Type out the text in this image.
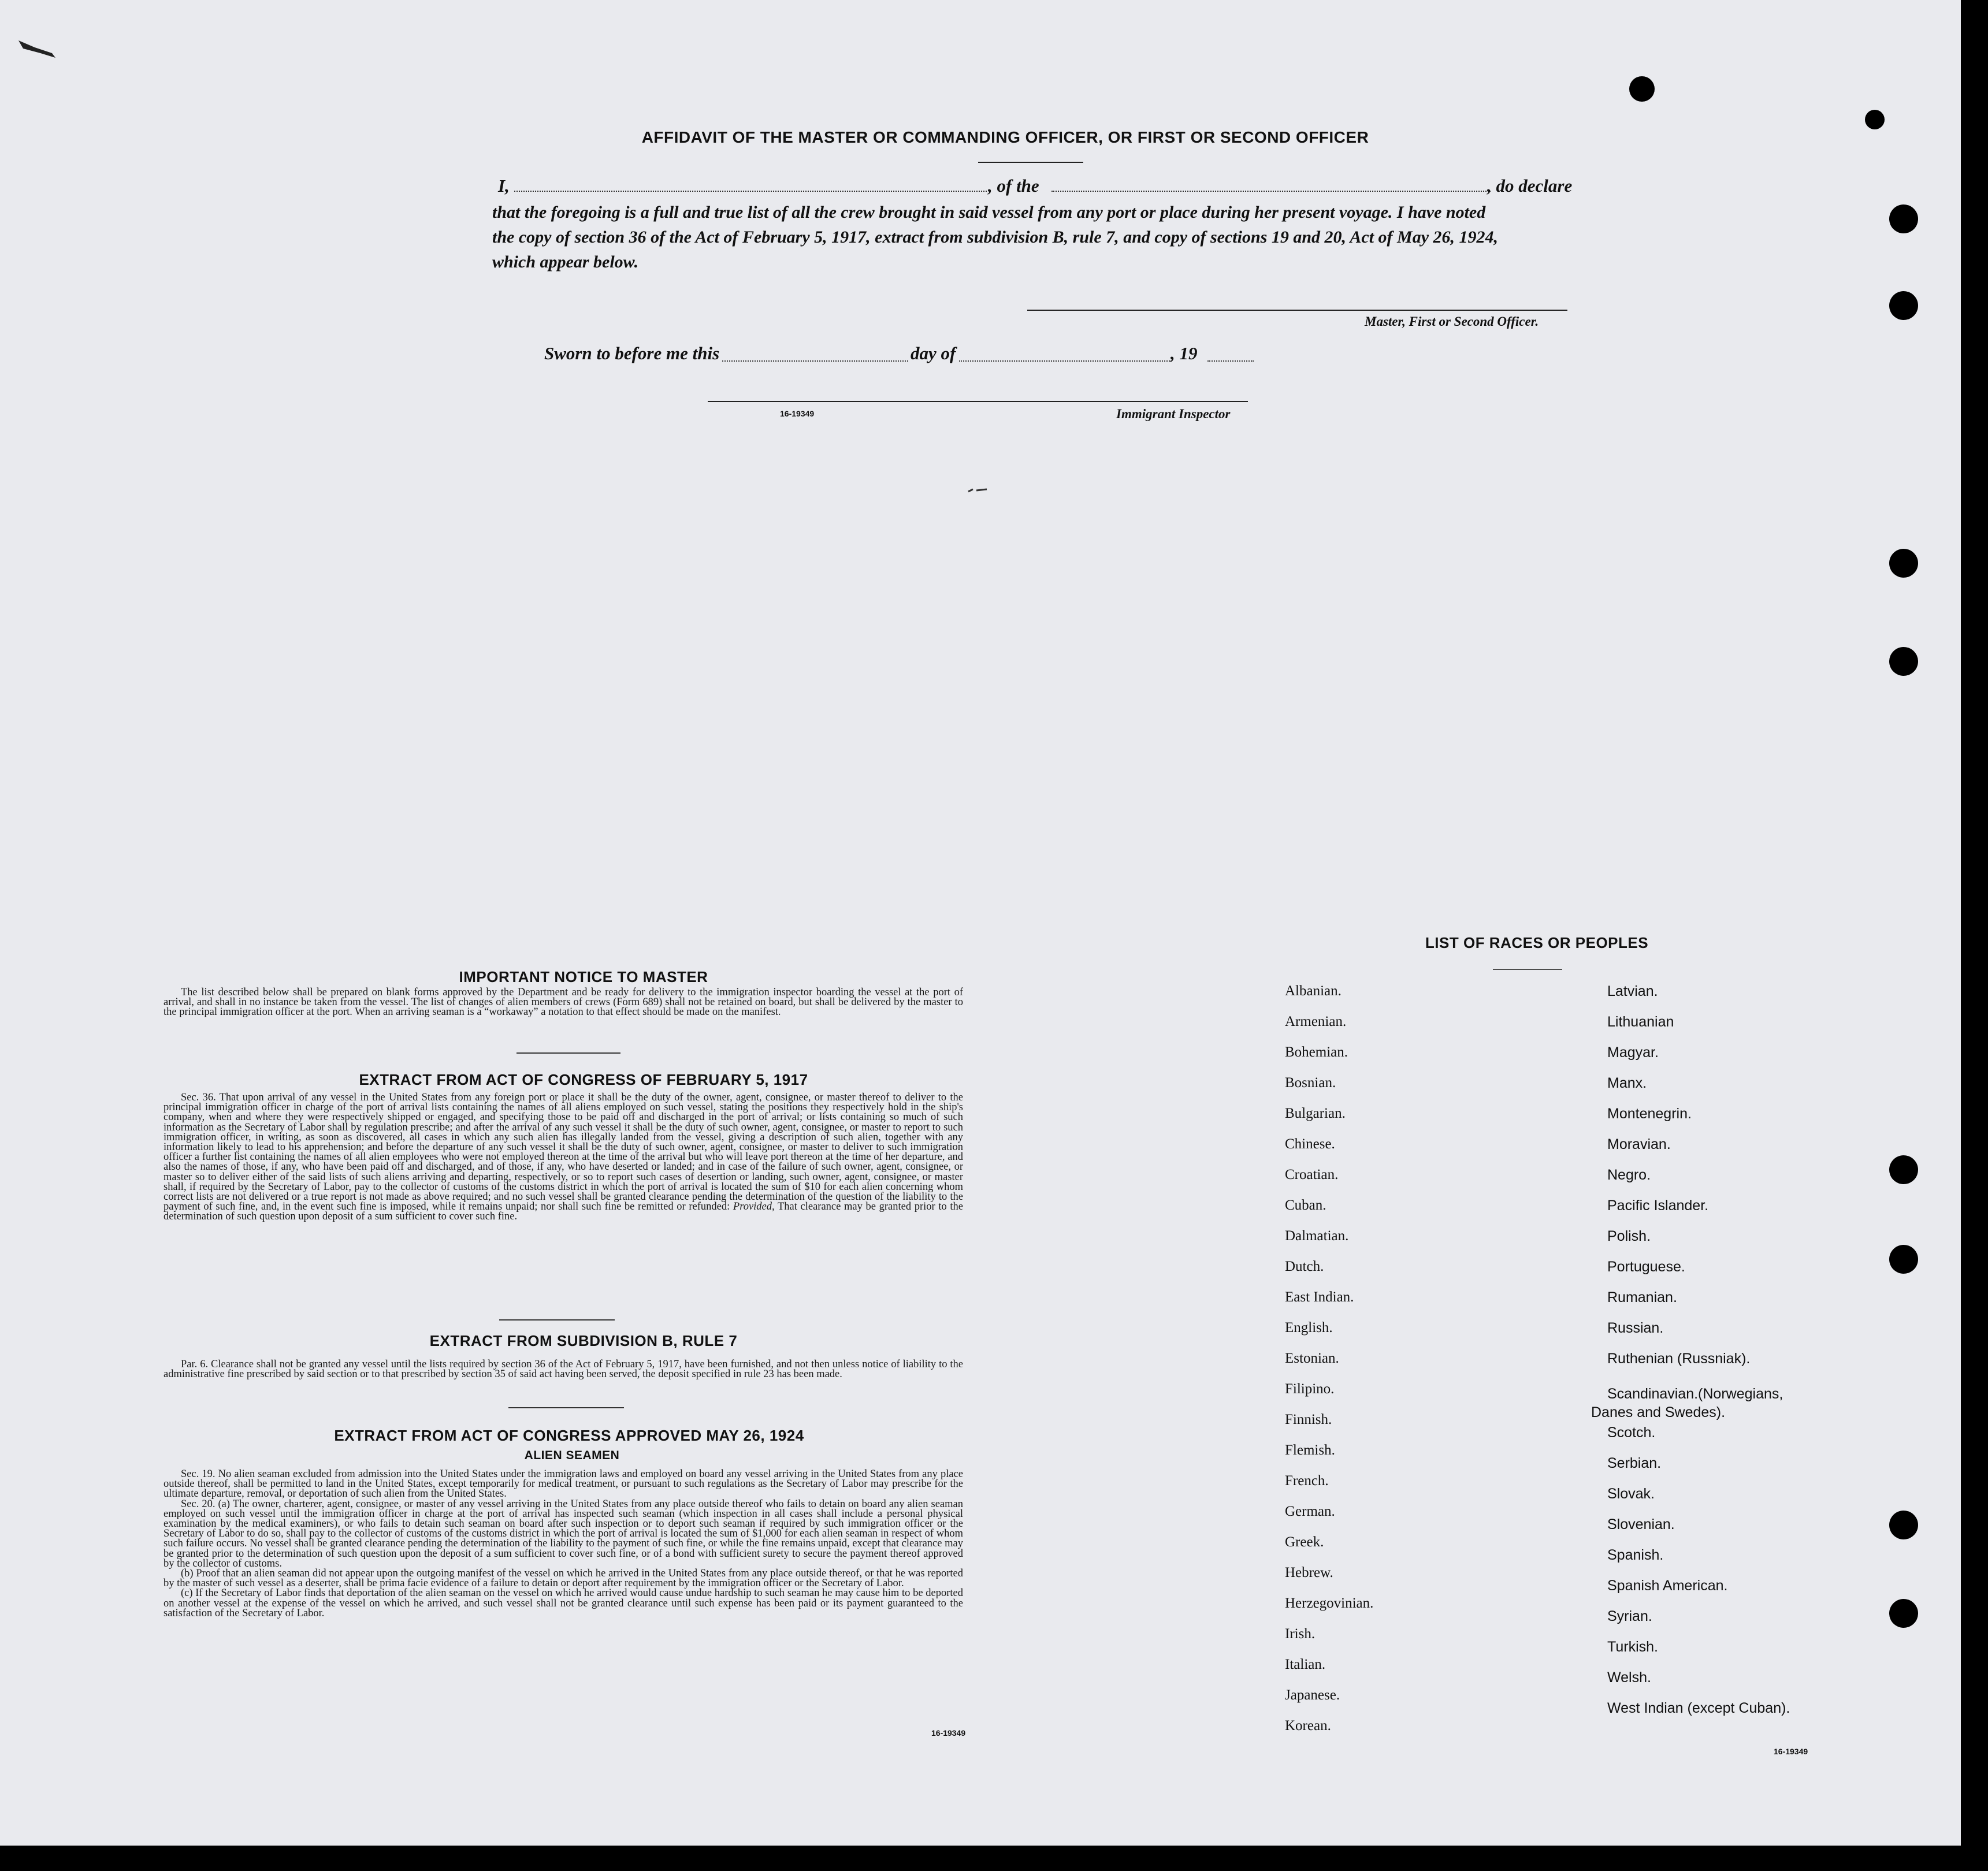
AFFIDAVIT OF THE MASTER OR COMMANDING OFFICER, OR FIRST OR SECOND OFFICER
I,	, of the	, do declare
that the foregoing is a full and true list of all the crew brought in said vessel from any port or place during her present voyage. I have noted
the copy of section 36 of the Act of February 5, 1917, extract from subdivision B, rule 7, and copy of sections 19 and 20, Act of May 26, 1924,
which appear below.
Master, First or Second Officer.
Sworn to before me this	day of	, 19
16-19349	Immigrant Inspector
IMPORTANT NOTICE TO MASTER

The list described below shall be prepared on blank forms approved by the Department and be ready for delivery to the immigration inspector boarding the vessel at the port of arrival, and shall in no instance be taken from the vessel. The list of changes of alien members of crews (Form 689) shall not be retained on board, but shall be delivered by the master to the principal immigration officer at the port. When an arriving seaman is a “workaway” a notation to that effect should be made on the manifest.

EXTRACT FROM ACT OF CONGRESS OF FEBRUARY 5, 1917

Sec. 36. That upon arrival of any vessel in the United States from any foreign port or place it shall be the duty of the owner, agent, consignee, or master thereof to deliver to the principal immigration officer in charge of the port of arrival lists containing the names of all aliens employed on such vessel, stating the positions they respectively hold in the ship's company, when and where they were respectively shipped or engaged, and specifying those to be paid off and discharged in the port of arrival; or lists containing so much of such information as the Secretary of Labor shall by regulation prescribe; and after the arrival of any such vessel it shall be the duty of such owner, agent, consignee, or master to report to such immigration officer, in writing, as soon as discovered, all cases in which any such alien has illegally landed from the vessel, giving a description of such alien, together with any information likely to lead to his apprehension; and before the departure of any such vessel it shall be the duty of such owner, agent, consignee, or master to deliver to such immigration officer a further list containing the names of all alien employees who were not employed thereon at the time of the arrival but who will leave port thereon at the time of her departure, and also the names of those, if any, who have been paid off and discharged, and of those, if any, who have deserted or landed; and in case of the failure of such owner, agent, consignee, or master so to deliver either of the said lists of such aliens arriving and departing, respectively, or so to report such cases of desertion or landing, such owner, agent, consignee, or master shall, if required by the Secretary of Labor, pay to the collector of customs of the customs district in which the port of arrival is located the sum of $10 for each alien concerning whom correct lists are not delivered or a true report is not made as above required; and no such vessel shall be granted clearance pending the determination of the question of the liability to the payment of such fine, and, in the event such fine is imposed, while it remains unpaid; nor shall such fine be remitted or refunded: Provided, That clearance may be granted prior to the determination of such question upon deposit of a sum sufficient to cover such fine.

EXTRACT FROM SUBDIVISION B, RULE 7

Par. 6. Clearance shall not be granted any vessel until the lists required by section 36 of the Act of February 5, 1917, have been furnished, and not then unless notice of liability to the administrative fine prescribed by said section or to that prescribed by section 35 of said act having been served, the deposit specified in rule 23 has been made.

EXTRACT FROM ACT OF CONGRESS APPROVED MAY 26, 1924
ALIEN SEAMEN

Sec. 19. No alien seaman excluded from admission into the United States under the immigration laws and employed on board any vessel arriving in the United States from any place outside thereof, shall be permitted to land in the United States, except temporarily for medical treatment, or pursuant to such regulations as the Secretary of Labor may prescribe for the ultimate departure, removal, or deportation of such alien from the United States.

Sec. 20. (a) The owner, charterer, agent, consignee, or master of any vessel arriving in the United States from any place outside thereof who fails to detain on board any alien seaman employed on such vessel until the immigration officer in charge at the port of arrival has inspected such seaman (which inspection in all cases shall include a personal physical examination by the medical examiners), or who fails to detain such seaman on board after such inspection or to deport such seaman if required by such immigration officer or the Secretary of Labor to do so, shall pay to the collector of customs of the customs district in which the port of arrival is located the sum of $1,000 for each alien seaman in respect of whom such failure occurs. No vessel shall be granted clearance pending the determination of the liability to the payment of such fine, or while the fine remains unpaid, except that clearance may be granted prior to the determination of such question upon the deposit of a sum sufficient to cover such fine, or of a bond with sufficient surety to secure the payment thereof approved by the collector of customs.

(b) Proof that an alien seaman did not appear upon the outgoing manifest of the vessel on which he arrived in the United States from any place outside thereof, or that he was reported by the master of such vessel as a deserter, shall be prima facie evidence of a failure to detain or deport after requirement by the immigration officer or the Secretary of Labor.

(c) If the Secretary of Labor finds that deportation of the alien seaman on the vessel on which he arrived would cause undue hardship to such seaman he may cause him to be deported on another vessel at the expense of the vessel on which he arrived, and such vessel shall not be granted clearance until such expense has been paid or its payment guaranteed to the satisfaction of the Secretary of Labor.

16-19349
LIST OF RACES OR PEOPLES
Albanian.
Armenian.
Bohemian.
Bosnian.
Bulgarian.
Chinese.
Croatian.
Cuban.
Dalmatian.
Dutch.
East Indian.
English.
Estonian.
Filipino.
Finnish.
Flemish.
French.
German.
Greek.
Hebrew.
Herzegovinian.
Irish.
Italian.
Japanese.
Korean.
Latvian.
Lithuanian
Magyar.
Manx.
Montenegrin.
Moravian.
Negro.
Pacific Islander.
Polish.
Portuguese.
Rumanian.
Russian.
Ruthenian (Russniak).
Scandinavian.(Norwegians,
Scotch.
Serbian.
Slovak.
Slovenian.
Spanish.
Spanish American.
Syrian.
Turkish.
Welsh.
West Indian (except Cuban).
Danes and Swedes).
16-19349
